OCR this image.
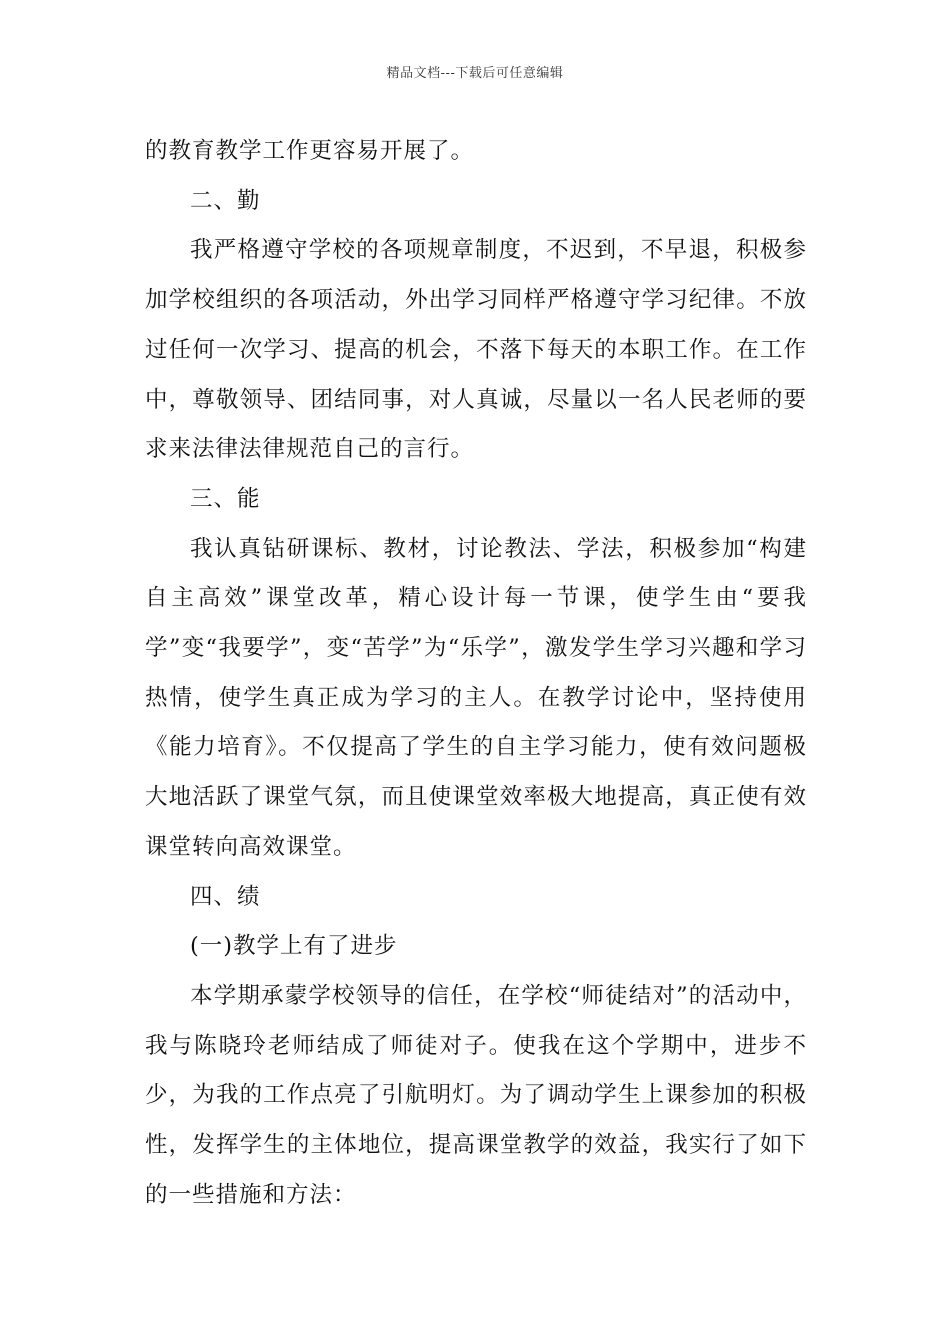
精品文档---下载后可任意编辑

的教育教学工作更容易开展了。

二、勤

我严格遵守学校的各项规章制度，不迟到，不早退，积极参加学校组织的各项活动，外出学习同样严格遵守学习纪律。不放过任何一次学习、提高的机会，不落下每天的本职工作。在工作中，尊敬领导、团结同事，对人真诚，尽量以一名人民老师的要求来法律法律规范自己的言行。

三、能

我认真钻研课标、教材，讨论教法、学法，积极参加“构建自主高效”课堂改革，精心设计每一节课，使学生由“要我学”变“我要学”，变“苦学”为“乐学”，激发学生学习兴趣和学习热情，使学生真正成为学习的主人。在教学讨论中，坚持使用《能力培育》。不仅提高了学生的自主学习能力，使有效问题极大地活跃了课堂气氛，而且使课堂效率极大地提高，真正使有效课堂转向高效课堂。

四、绩

(一)教学上有了进步

本学期承蒙学校领导的信任，在学校“师徒结对”的活动中，我与陈晓玲老师结成了师徒对子。使我在这个学期中，进步不少，为我的工作点亮了引航明灯。为了调动学生上课参加的积极性，发挥学生的主体地位，提高课堂教学的效益，我实行了如下的一些措施和方法：
